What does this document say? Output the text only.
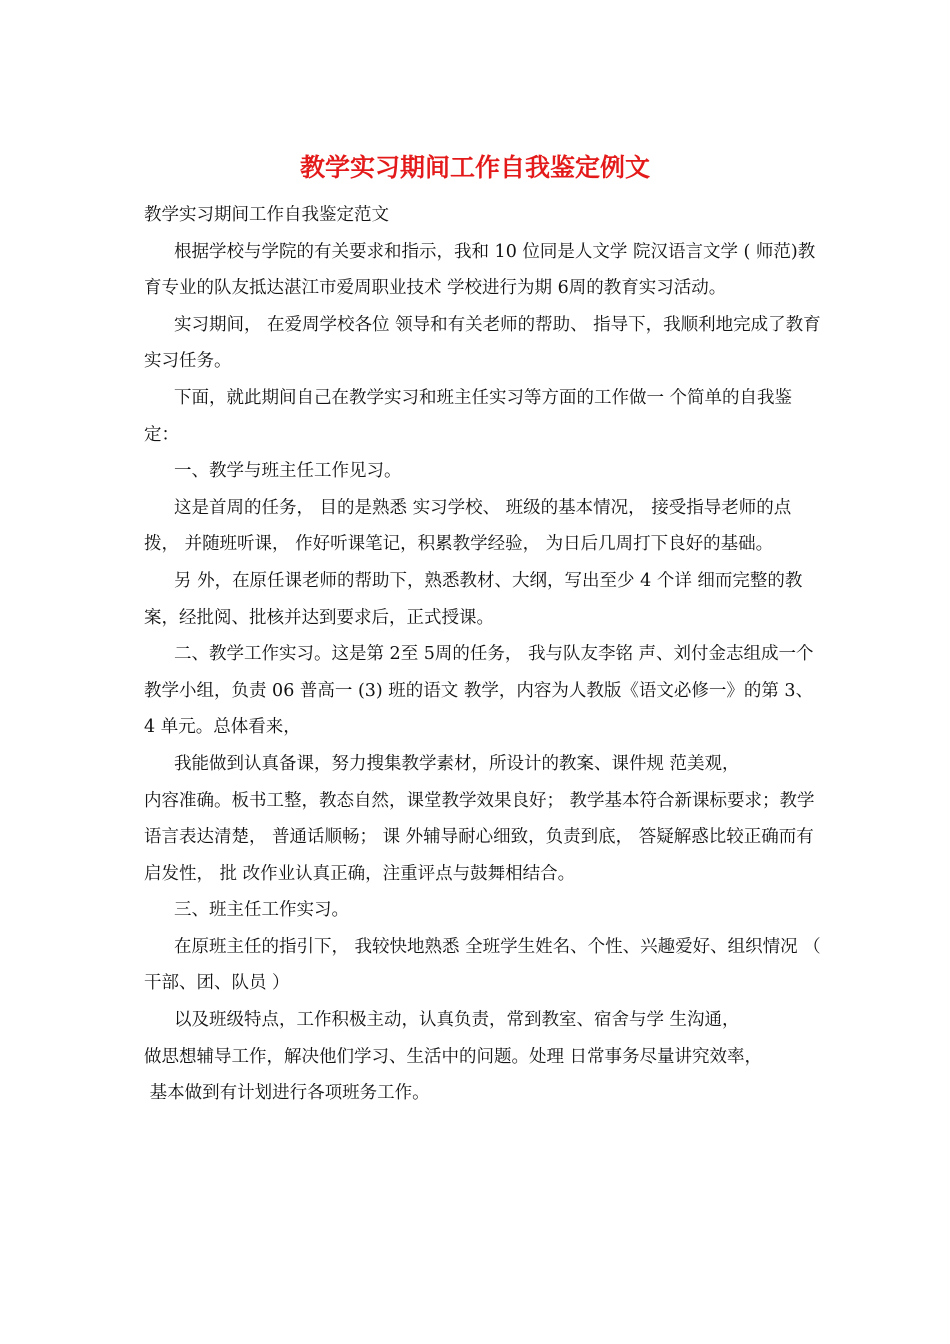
教学实习期间工作自我鉴定例文

教学实习期间工作自我鉴定范文

根据学校与学院的有关要求和指示，我和 10 位同是人文学 院汉语言文学 ( 师范)教育专业的队友抵达湛江市爱周职业技术 学校进行为期 6周的教育实习活动。

实习期间， 在爱周学校各位 领导和有关老师的帮助、 指导下，我顺利地完成了教育实习任务。

下面，就此期间自己在教学实习和班主任实习等方面的工作做一 个简单的自我鉴定：

一、教学与班主任工作见习。

这是首周的任务， 目的是熟悉 实习学校、 班级的基本情况， 接受指导老师的点拨， 并随班听课， 作好听课笔记，积累教学经验， 为日后几周打下良好的基础。

另 外，在原任课老师的帮助下，熟悉教材、大纲，写出至少 4 个详 细而完整的教案，经批阅、批核并达到要求后，正式授课。

二、教学工作实习。这是第 2至 5周的任务， 我与队友李铭 声、刘付金志组成一个教学小组，负责 06 普高一 (3) 班的语文 教学，内容为人教版《语文必修一》的第 3、4 单元。总体看来，

我能做到认真备课，努力搜集教学素材，所设计的教案、课件规 范美观，

内容准确。板书工整，教态自然，课堂教学效果良好； 教学基本符合新课标要求；教学语言表达清楚， 普通话顺畅； 课 外辅导耐心细致，负责到底， 答疑解惑比较正确而有启发性， 批 改作业认真正确，注重评点与鼓舞相结合。

三、班主任工作实习。

在原班主任的指引下， 我较快地熟悉 全班学生姓名、个性、兴趣爱好、组织情况 （ 干部、团、队员 ）

以及班级特点，工作积极主动，认真负责，常到教室、宿舍与学 生沟通，

做思想辅导工作，解决他们学习、生活中的问题。处理 日常事务尽量讲究效率，

基本做到有计划进行各项班务工作。
